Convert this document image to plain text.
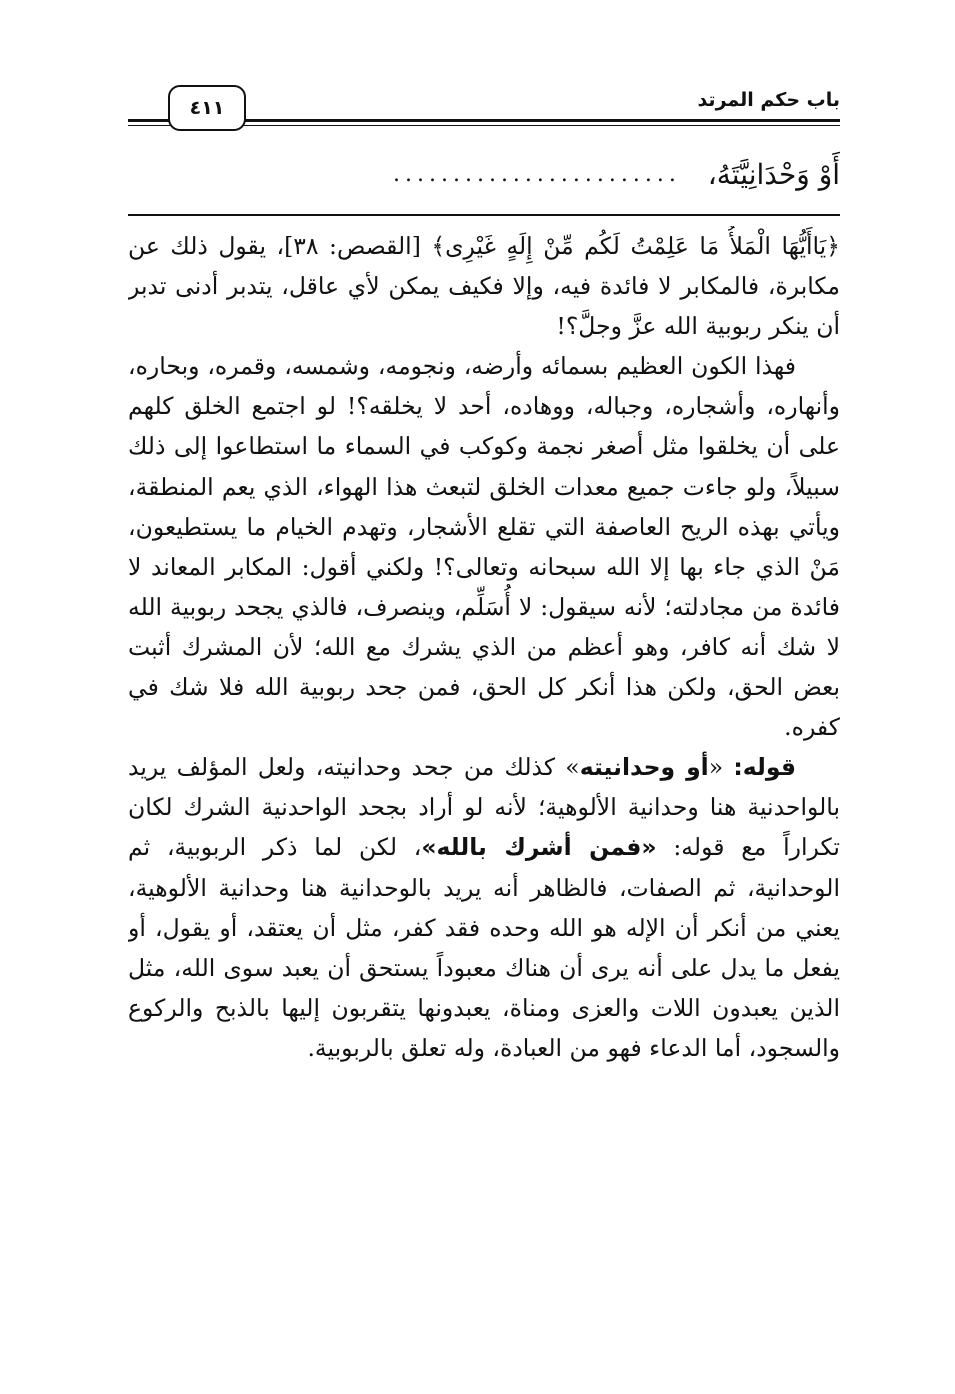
باب حكم المرتد
٤١١
أَوْ وَحْدَانِيَّتَهُ، ........................

﴿يَاأَيُّهَا الْمَلأُ مَا عَلِمْتُ لَكُم مِّنْ إِلَهٍ غَيْرِى﴾ [القصص: ٣٨]، يقول ذلك عن مكابرة، فالمكابر لا فائدة فيه، وإلا فكيف يمكن لأي عاقل، يتدبر أدنى تدبر أن ينكر ربوبية الله عزَّ وجلَّ؟!

فهذا الكون العظيم بسمائه وأرضه، ونجومه، وشمسه، وقمره، وبحاره، وأنهاره، وأشجاره، وجباله، ووهاده، أحد لا يخلقه؟! لو اجتمع الخلق كلهم على أن يخلقوا مثل أصغر نجمة وكوكب في السماء ما استطاعوا إلى ذلك سبيلاً، ولو جاءت جميع معدات الخلق لتبعث هذا الهواء، الذي يعم المنطقة، ويأتي بهذه الريح العاصفة التي تقلع الأشجار، وتهدم الخيام ما يستطيعون، مَنْ الذي جاء بها إلا الله سبحانه وتعالى؟! ولكني أقول: المكابر المعاند لا فائدة من مجادلته؛ لأنه سيقول: لا أُسَلِّم، وينصرف، فالذي يجحد ربوبية الله لا شك أنه كافر، وهو أعظم من الذي يشرك مع الله؛ لأن المشرك أثبت بعض الحق، ولكن هذا أنكر كل الحق، فمن جحد ربوبية الله فلا شك في كفره.

قوله: «أو وحدانيته» كذلك من جحد وحدانيته، ولعل المؤلف يريد بالواحدنية هنا وحدانية الألوهية؛ لأنه لو أراد بجحد الواحدنية الشرك لكان تكراراً مع قوله: «فمن أشرك بالله»، لكن لما ذكر الربوبية، ثم الوحدانية، ثم الصفات، فالظاهر أنه يريد بالوحدانية هنا وحدانية الألوهية، يعني من أنكر أن الإله هو الله وحده فقد كفر، مثل أن يعتقد، أو يقول، أو يفعل ما يدل على أنه يرى أن هناك معبوداً يستحق أن يعبد سوى الله، مثل الذين يعبدون اللات والعزى ومناة، يعبدونها يتقربون إليها بالذبح والركوع والسجود، أما الدعاء فهو من العبادة، وله تعلق بالربوبية.
